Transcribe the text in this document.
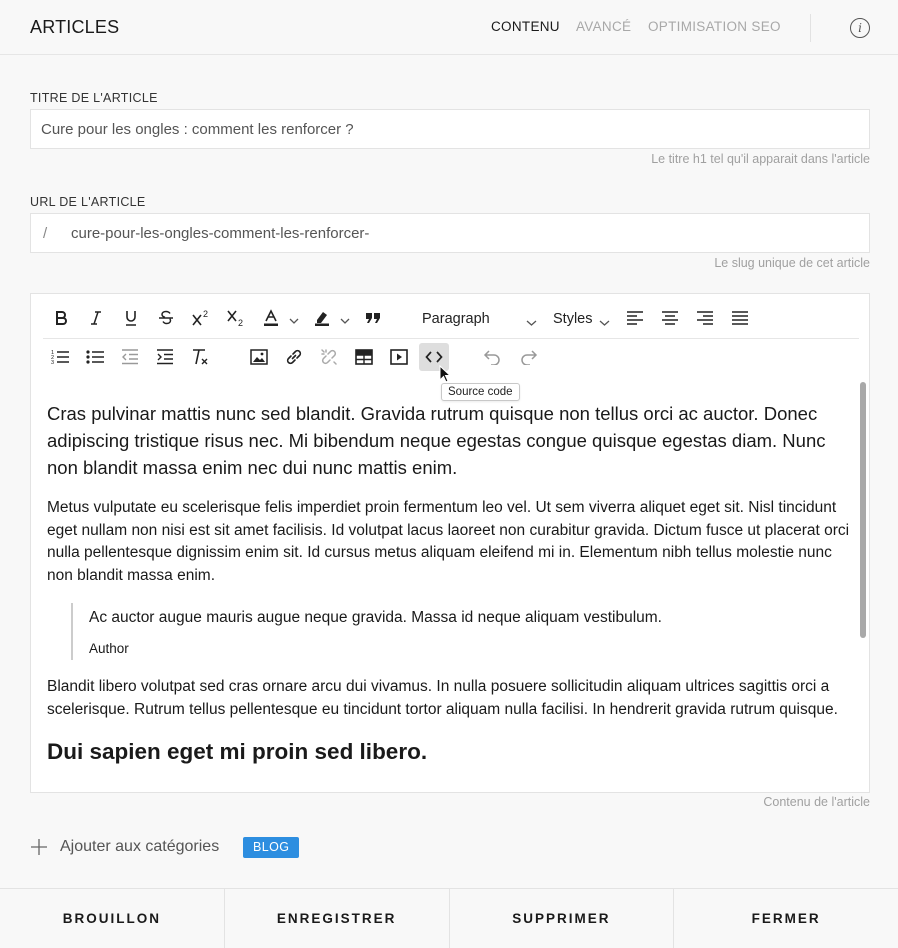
ARTICLES	CONTENU AVANCÉ OPTIMISATION SEO	i
TITRE DE L'ARTICLE
Cure pour les ongles : comment les renforcer ?
Le titre h1 tel qu'il apparait dans l'article
URL DE L'ARTICLE
/
cure-pour-les-ongles-comment-les-renforcer-
Le slug unique de cet article
2
2	Paragraph	Styles
1
2
3
Source code

Cras pulvinar mattis nunc sed blandit. Gravida rutrum quisque non tellus orci ac auctor. Donec adipiscing tristique risus nec. Mi bibendum neque egestas congue quisque egestas diam. Nunc non blandit massa enim nec dui nunc mattis enim.

Metus vulputate eu scelerisque felis imperdiet proin fermentum leo vel. Ut sem viverra aliquet eget sit. Nisl tincidunt eget nullam non nisi est sit amet facilisis. Id volutpat lacus laoreet non curabitur gravida. Dictum fusce ut placerat orci nulla pellentesque dignissim enim sit. Id cursus metus aliquam eleifend mi in. Elementum nibh tellus molestie nunc non blandit massa enim.

Ac auctor augue mauris augue neque gravida. Massa id neque aliquam vestibulum.

Author

Blandit libero volutpat sed cras ornare arcu dui vivamus. In nulla posuere sollicitudin aliquam ultrices sagittis orci a scelerisque. Rutrum tellus pellentesque eu tincidunt tortor aliquam nulla facilisi. In hendrerit gravida rutrum quisque.

Dui sapien eget mi proin sed libero.
Contenu de l'article
Ajouter aux catégories	BLOG
BROUILLON	ENREGISTRER	SUPPRIMER	FERMER
